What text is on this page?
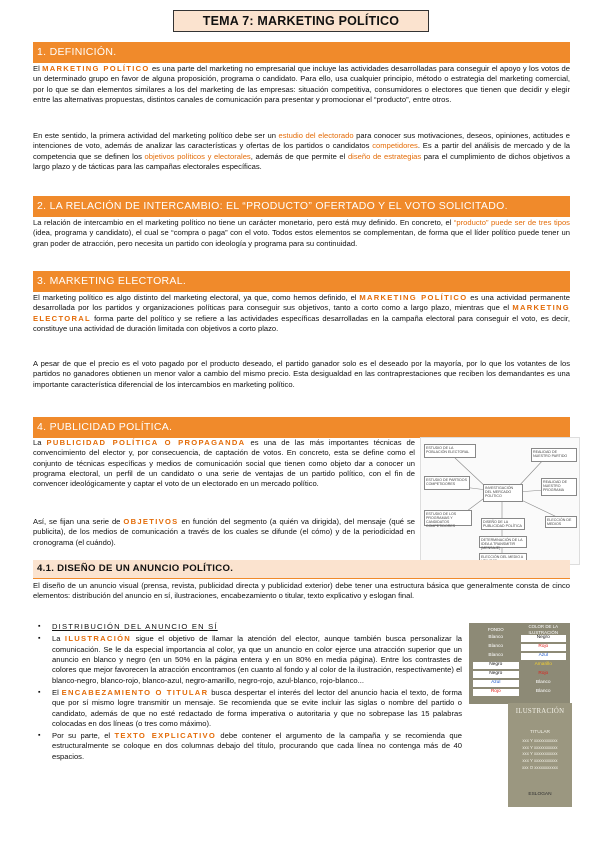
TEMA 7: MARKETING POLÍTICO
1. DEFINICIÓN.
El MARKETING POLÍTICO es una parte del marketing no empresarial que incluye las actividades desarrolladas para conseguir el apoyo y los votos de un determinado grupo en favor de alguna proposición, programa o candidato. Para ello, usa cualquier principio, método o estrategia del marketing comercial, por lo que se dan elementos similares a los del marketing de las empresas: situación competitiva, consumidores o electores que tienen que decidir y elegir entre las alternativas propuestas, distintos canales de comunicación para presentar y promocionar el “producto”, entre otros.
En este sentido, la primera actividad del marketing político debe ser un estudio del electorado para conocer sus motivaciones, deseos, opiniones, actitudes e intenciones de voto, además de analizar las características y ofertas de los partidos o candidatos competidores. Es a partir del análisis de mercado y de la competencia que se definen los objetivos políticos y electorales, además de que permite el diseño de estrategias para el cumplimiento de dichos objetivos a largo plazo y de tácticas para las campañas electorales específicas.
2. LA RELACIÓN DE INTERCAMBIO: EL “PRODUCTO” OFERTADO Y EL VOTO SOLICITADO.
La relación de intercambio en el marketing político no tiene un carácter monetario, pero está muy definido. En concreto, el “producto” puede ser de tres tipos (idea, programa y candidato), el cual se “compra o paga” con el voto. Todos estos elementos se complementan, de forma que el líder político puede tener un gran poder de atracción, pero necesita un partido con ideología y programa para su continuidad.
3. MARKETING ELECTORAL.
El marketing político es algo distinto del marketing electoral, ya que, como hemos definido, el MARKETING POLÍTICO es una actividad permanente desarrollada por los partidos y organizaciones políticas para conseguir sus objetivos, tanto a corto como a largo plazo, mientras que el MARKETING ELECTORAL forma parte del político y se refiere a las actividades específicas desarrolladas en la campaña electoral para conseguir el voto, es decir, constituye una actividad de duración limitada con objetivos a corto plazo.
A pesar de que el precio es el voto pagado por el producto deseado, el partido ganador solo es el deseado por la mayoría, por lo que los votantes de los partidos no ganadores obtienen un menor valor a cambio del mismo precio. Esta desigualdad en las contraprestaciones que reciben los demandantes es una importante característica diferencial de los intercambios en marketing político.
4. PUBLICIDAD POLÍTICA.
La PUBLICIDAD POLÍTICA O PROPAGANDA es una de las más importantes técnicas de convencimiento del elector y, por consecuencia, de captación de votos. En concreto, esta se define como el conjunto de técnicas específicas y medios de comunicación social que tienen como objeto dar a conocer un programa electoral, un perfil de un candidato o una serie de ventajas de un partido político, con el fin de convencer ideológicamente y captar el voto de un electorado en un mercado político.
Así, se fijan una serie de OBJETIVOS en función del segmento (a quién va dirigida), del mensaje (qué se publicita), de los medios de comunicación a través de los cuales se difunde (el cómo) y de la periodicidad en cronograma (el cuándo).
ESTUDIO DE LA POBLACIÓN ELECTORAL	REALIDAD DE NUESTRO PARTIDO
ESTUDIO DE PARTIDOS COMPETIDORES
INVESTIGACIÓN DEL MERCADO POLÍTICO
REALIDAD DE NUESTRO PROGRAMA
ESTUDIO DE LOS PROGRAMAS Y CANDIDATOS COMPETIDORES
DISEÑO DE LA PUBLICIDAD POLÍTICA
DETERMINACIÓN DE LA IDEA A TRANSMITIR (MENSAJE)
ELECCIÓN DEL MEDIO A
ELECCIÓN DE MEDIOS
4.1. DISEÑO DE UN ANUNCIO POLÍTICO.
El diseño de un anuncio visual (prensa, revista, publicidad directa y publicidad exterior) debe tener una estructura básica que generalmente consta de cinco elementos: distribución del anuncio en sí, ilustraciones, encabezamiento o titular, texto explicativo y eslogan final.
▪ DISTRIBUCIÓN DEL ANUNCIO EN SÍ
▪ La ILUSTRACIÓN sigue el objetivo de llamar la atención del elector, aunque también busca personalizar la comunicación. Se le da especial importancia al color, ya que un anuncio en color ejerce una atracción superior que un anuncio en blanco y negro (en un 50% en la página entera y en un 80% en media página). Entre los contrastes de colores que mejor favorecen la atracción encontramos (en cuanto al fondo y al color de la ilustración, respectivamente) el blanco-negro, blanco-rojo, blanco-azul, negro-amarillo, negro-rojo, azul-blanco, rojo-blanco...
▪ El ENCABEZAMIENTO O TITULAR busca despertar el interés del lector del anuncio hacia el texto, de forma que por sí mismo logre transmitir un mensaje. Se recomienda que se evite incluir las siglas o nombre del partido o candidato, además de que no esté redactado de forma imperativa o autoritaria y que no sobrepase las 15 palabras colocadas en dos líneas (o tres como máximo).
▪ Por su parte, el TEXTO EXPLICATIVO debe contener el argumento de la campaña y se recomienda que estructuralmente se coloque en dos columnas debajo del título, procurando que cada línea no contenga más de 40 espacios.
FONDO
COLOR DE LA ILUSTRACIÓN
Blanco	Negro
Blanco	Rojo
Blanco	Azul
Negro	Amarillo
Negro	Rojo
Azul	Blanco
Rojo	Blanco
ILUSTRACIÓN
TITULAR
xxx Y xxxxxxxxxxx
xxx Y xxxxxxxxxxx
xxx Y xxxxxxxxxxx
xxx Y xxxxxxxxxxx
xxx O xxxxxxxxxxx
ESLOGAN
